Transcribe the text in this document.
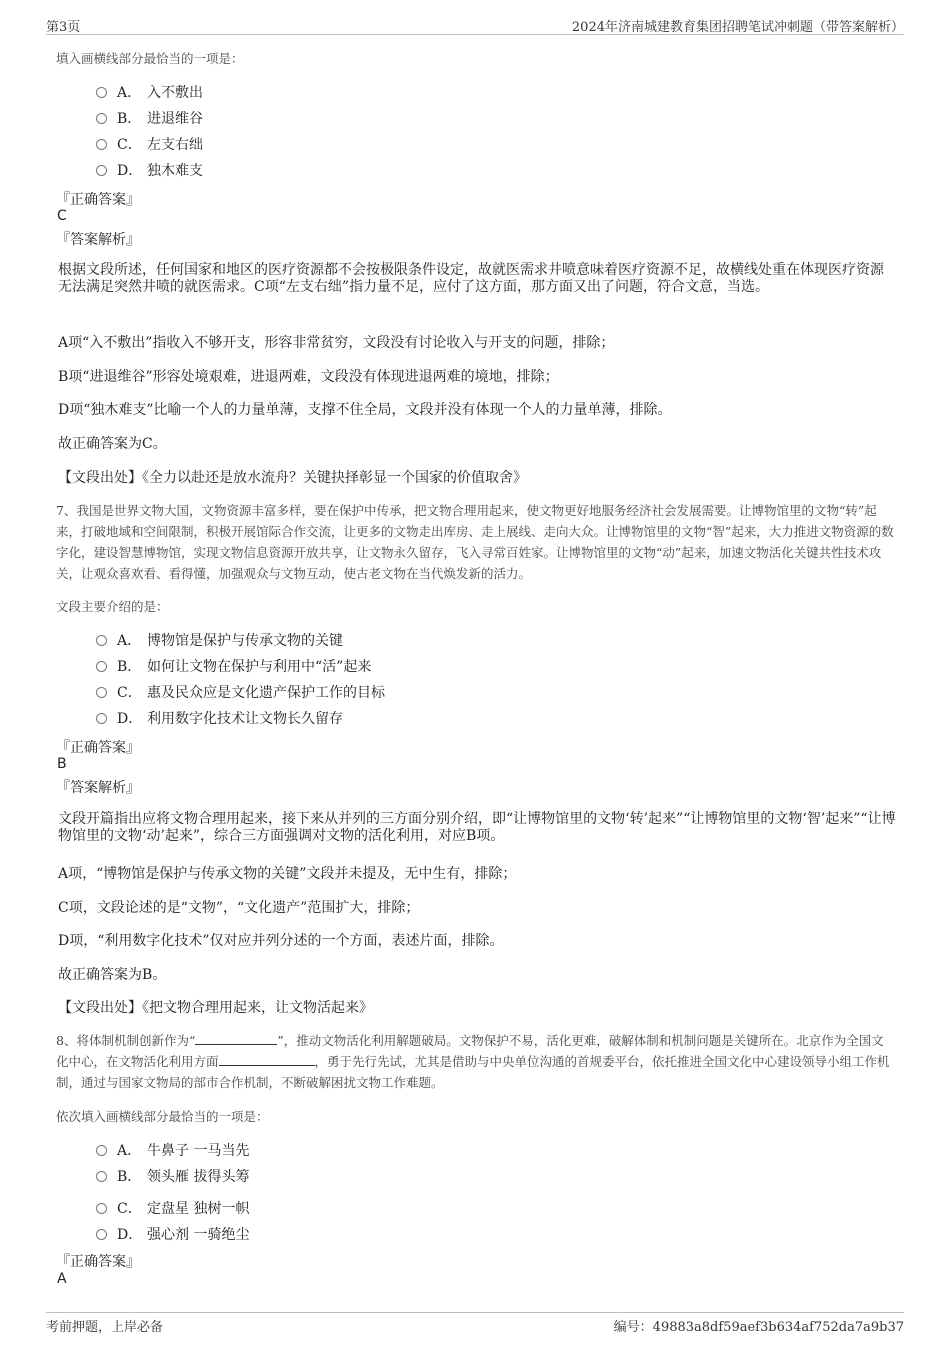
第3页	2024年济南城建教育集团招聘笔试冲刺题（带答案解析）
填入画横线部分最恰当的一项是：
A． 入不敷出
B． 进退维谷
C． 左支右绌
D． 独木难支
『正确答案』
C
『答案解析』
根据文段所述，任何国家和地区的医疗资源都不会按极限条件设定，故就医需求井喷意味着医疗资源不足，故横线处重在体现医疗资源无法满足突然井喷的就医需求。C项“左支右绌”指力量不足，应付了这方面，那方面又出了问题，符合文意，当选。
A项“入不敷出”指收入不够开支，形容非常贫穷，文段没有讨论收入与开支的问题，排除；
B项“进退维谷”形容处境艰难，进退两难，文段没有体现进退两难的境地，排除；
D项“独木难支”比喻一个人的力量单薄，支撑不住全局，文段并没有体现一个人的力量单薄，排除。
故正确答案为C。
【文段出处】《全力以赴还是放水流舟？关键抉择彰显一个国家的价值取舍》
7、我国是世界文物大国，文物资源丰富多样，要在保护中传承，把文物合理用起来，使文物更好地服务经济社会发展需要。让博物馆里的文物“转”起来，打破地域和空间限制，积极开展馆际合作交流，让更多的文物走出库房、走上展线、走向大众。让博物馆里的文物“智”起来，大力推进文物资源的数字化，建设智慧博物馆，实现文物信息资源开放共享，让文物永久留存，飞入寻常百姓家。让博物馆里的文物“动”起来，加速文物活化关键共性技术攻关，让观众喜欢看、看得懂，加强观众与文物互动，使古老文物在当代焕发新的活力。
文段主要介绍的是：
A． 博物馆是保护与传承文物的关键
B． 如何让文物在保护与利用中“活”起来
C． 惠及民众应是文化遗产保护工作的目标
D． 利用数字化技术让文物长久留存
『正确答案』
B
『答案解析』
文段开篇指出应将文物合理用起来，接下来从并列的三方面分别介绍，即“让博物馆里的文物‘转’起来”“让博物馆里的文物‘智’起来”“让博物馆里的文物‘动’起来”，综合三方面强调对文物的活化利用，对应B项。
A项，“博物馆是保护与传承文物的关键”文段并未提及，无中生有，排除；
C项，文段论述的是“文物”，“文化遗产”范围扩大，排除；
D项，“利用数字化技术”仅对应并列分述的一个方面，表述片面，排除。
故正确答案为B。
【文段出处】《把文物合理用起来，让文物活起来》
8、将体制机制创新作为“	”，推动文物活化利用解题破局。文物保护不易，活化更难，破解体制和机制问题是关键所在。北京作为全国文化中心，在文物活化利用方面	，勇于先行先试，尤其是借助与中央单位沟通的首规委平台，依托推进全国文化中心建设领导小组工作机制，通过与国家文物局的部市合作机制，不断破解困扰文物工作难题。
依次填入画横线部分最恰当的一项是：
A． 牛鼻子 一马当先
B． 领头雁 拔得头筹
C． 定盘星 独树一帜
D． 强心剂 一骑绝尘
『正确答案』
A
考前押题，上岸必备	编号：49883a8df59aef3b634af752da7a9b37
